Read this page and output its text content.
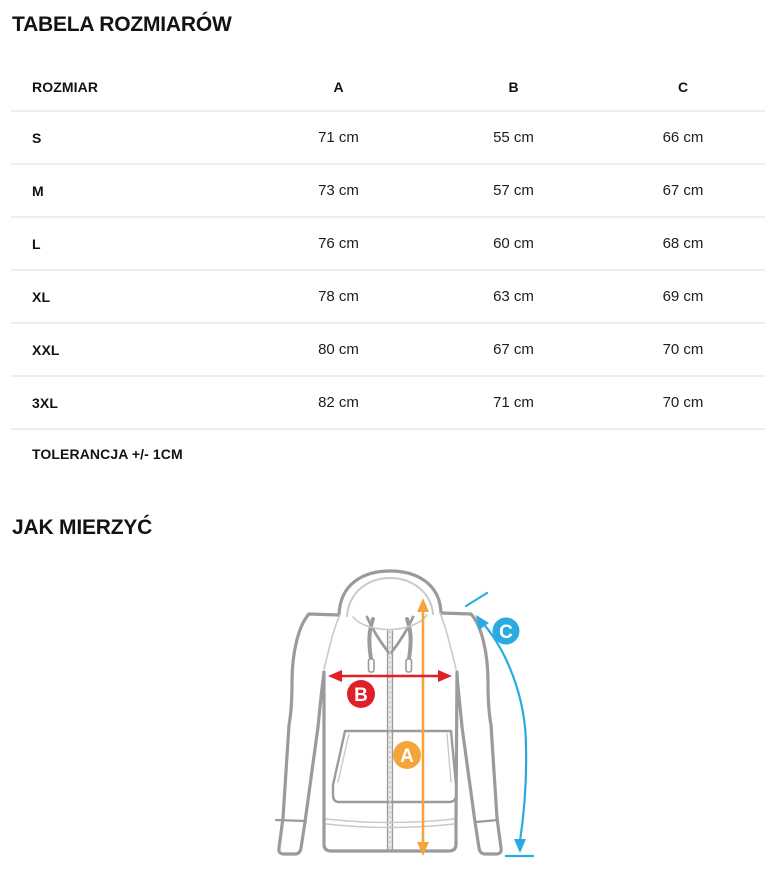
TABELA ROZMIARÓW
ROZMIAR	A	B	C
S	71 cm	55 cm	66 cm
M	73 cm	57 cm	67 cm
L	76 cm	60 cm	68 cm
XL	78 cm	63 cm	69 cm
XXL	80 cm	67 cm	70 cm
3XL	82 cm	71 cm	70 cm
TOLERANCJA +/- 1CM
JAK MIERZYĆ
A
B
C
